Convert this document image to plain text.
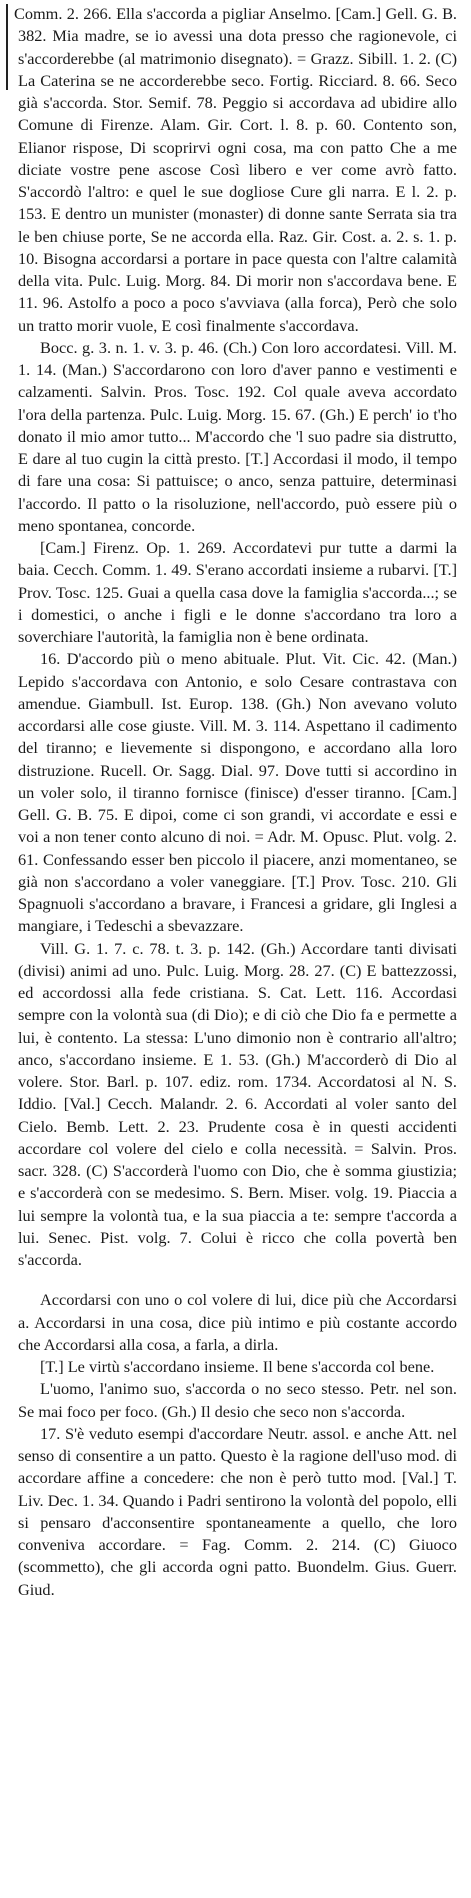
Comm. 2. 266. Ella s'accorda a pigliar Anselmo. [Cam.] Gell. G. B. 382. Mia madre, se io avessi una dota presso che ragionevole, ci s'accorderebbe (al matrimonio disegnato). = Grazz. Sibill. 1. 2. (C) La Caterina se ne accorderebbe seco. Fortig. Ricciard. 8. 66. Seco già s'accorda. Stor. Semif. 78. Peggio si accordava ad ubidire allo Comune di Firenze. Alam. Gir. Cort. l. 8. p. 60. Contento son, Elianor rispose, Di scoprirvi ogni cosa, ma con patto Che a me diciate vostre pene ascose Così libero e ver come avrò fatto. S'accordò l'altro: e quel le sue dogliose Cure gli narra. E l. 2. p. 153. E dentro un munister (monaster) di donne sante Serrata sia tra le ben chiuse porte, Se ne accorda ella. Raz. Gir. Cost. a. 2. s. 1. p. 10. Bisogna accordarsi a portare in pace questa con l'altre calamità della vita. Pulc. Luig. Morg. 84. Di morir non s'accordava bene. E 11. 96. Astolfo a poco a poco s'avviava (alla forca), Però che solo un tratto morir vuole, E così finalmente s'accordava.

Bocc. g. 3. n. 1. v. 3. p. 46. (Ch.) Con loro accordatesi. Vill. M. 1. 14. (Man.) S'accordarono con loro d'aver panno e vestimenti e calzamenti. Salvin. Pros. Tosc. 192. Col quale aveva accordato l'ora della partenza. Pulc. Luig. Morg. 15. 67. (Gh.) E perch' io t'ho donato il mio amor tutto... M'accordo che 'l suo padre sia distrutto, E dare al tuo cugin la città presto. [T.] Accordasi il modo, il tempo di fare una cosa: Si pattuisce; o anco, senza pattuire, determinasi l'accordo. Il patto o la risoluzione, nell'accordo, può essere più o meno spontanea, concorde.

[Cam.] Firenz. Op. 1. 269. Accordatevi pur tutte a darmi la baia. Cecch. Comm. 1. 49. S'erano accordati insieme a rubarvi. [T.] Prov. Tosc. 125. Guai a quella casa dove la famiglia s'accorda...; se i domestici, o anche i figli e le donne s'accordano tra loro a soverchiare l'autorità, la famiglia non è bene ordinata.

16. D'accordo più o meno abituale. Plut. Vit. Cic. 42. (Man.) Lepido s'accordava con Antonio, e solo Cesare contrastava con amendue. Giambull. Ist. Europ. 138. (Gh.) Non avevano voluto accordarsi alle cose giuste. Vill. M. 3. 114. Aspettano il cadimento del tiranno; e lievemente si dispongono, e accordano alla loro distruzione. Rucell. Or. Sagg. Dial. 97. Dove tutti si accordino in un voler solo, il tiranno forniscе (finisce) d'esser tiranno. [Cam.] Gell. G. B. 75. E dipoi, come ci son grandi, vi accordate e essi e voi a non tener conto alcuno di noi. = Adr. M. Opusc. Plut. volg. 2. 61. Confessando esser ben piccolo il piacere, anzi momentaneo, se già non s'accordano a voler vaneggiare. [T.] Prov. Tosc. 210. Gli Spagnuoli s'accordano a bravare, i Francesi a gridare, gli Inglesi a mangiare, i Tedeschi a sbevazzare.

Vill. G. 1. 7. c. 78. t. 3. p. 142. (Gh.) Accordare tanti divisati (divisi) animi ad uno. Pulc. Luig. Morg. 28. 27. (C) E battezzossi, ed accordossi alla fede cristiana. S. Cat. Lett. 116. Accordasi sempre con la volontà sua (di Dio); e di ciò che Dio fa e permette a lui, è contento. La stessa: L'uno dimonio non è contrario all'altro; anco, s'accordano insieme. E 1. 53. (Gh.) M'accorderò di Dio al volere. Stor. Barl. p. 107. ediz. rom. 1734. Accordatosi al N. S. Iddio. [Val.] Cecch. Malandr. 2. 6. Accordati al voler santo del Cielo. Bemb. Lett. 2. 23. Prudente cosa è in questi accidenti accordare col volere del cielo e colla necessità. = Salvin. Pros. sacr. 328. (C) S'accorderà l'uomo con Dio, che è somma giustizia; e s'accorderà con se medesimo. S. Bern. Miser. volg. 19. Piaccia a lui sempre la volontà tua, e la sua piaccia a te: sempre t'accorda a lui. Senec. Pist. volg. 7. Colui è ricco che colla povertà ben s'accorda.

Accordarsi con uno o col volere di lui, dice più che Accordarsi a. Accordarsi in una cosa, dice più intimo e più costante accordo che Accordarsi alla cosa, a farla, a dirla.

[T.] Le virtù s'accordano insieme. Il bene s'accorda col bene.

L'uomo, l'animo suo, s'accorda o no seco stesso. Petr. nel son. Se mai foco per foco. (Gh.) Il desio che seco non s'accorda.

17. S'è veduto esempi d'accordare Neutr. assol. e anche Att. nel senso di consentire a un patto. Questo è la ragione dell'uso mod. di accordare affine a concedere: che non è però tutto mod. [Val.] T. Liv. Dec. 1. 34. Quando i Padri sentirono la volontà del popolo, elli si pensaro d'acconsentire spontaneamente a quello, che loro conveniva accordare. = Fag. Comm. 2. 214. (C) Giuoco (scommetto), che gli accorda ogni patto. Buondelm. Gius. Guerr. Giud.
